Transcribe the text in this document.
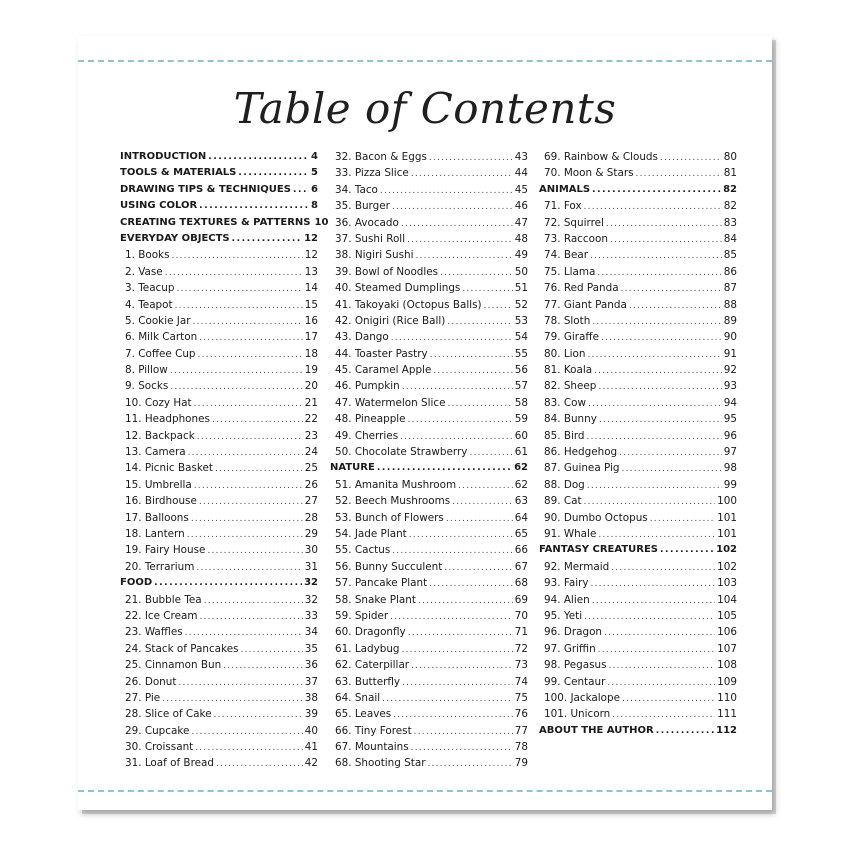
Table of Contents
INTRODUCTION .....	4
TOOLS & MATERIALS .....	5
DRAWING TIPS & TECHNIQUES ..... 6
USING COLOR .....	8
CREATING TEXTURES & PATTERNS 10
EVERYDAY OBJECTS .....	12
1. Books .....	12
2. Vase .....	13
3. Teacup .....	14
4. Teapot .....	15
5. Cookie Jar .....	16
6. Milk Carton .....	17
7. Coffee Cup .....	18
8. Pillow .....	19
9. Socks .....	20
10. Cozy Hat .....	21
11. Headphones .....	22
12. Backpack .....	23
13. Camera .....	24
14. Picnic Basket .....	25
15. Umbrella .....	26
16. Birdhouse .....	27
17. Balloons .....	28
18. Lantern .....	29
19. Fairy House .....	30
20. Terrarium .....	31
FOOD .....	32
21. Bubble Tea .....	32
22. Ice Cream .....	33
23. Waffles .....	34
24. Stack of Pancakes .....	35
25. Cinnamon Bun .....	36
26. Donut .....	37
27. Pie .....	38
28. Slice of Cake .....	39
29. Cupcake .....	40
30. Croissant .....	41
31. Loaf of Bread .....	42
32. Bacon & Eggs .....	43
33. Pizza Slice .....	44
34. Taco .....	45
35. Burger .....	46
36. Avocado .....	47
37. Sushi Roll .....	48
38. Nigiri Sushi .....	49
39. Bowl of Noodles .....	50
40. Steamed Dumplings .....	51
41. Takoyaki (Octopus Balls) .....	52
42. Onigiri (Rice Ball) .....	53
43. Dango .....	54
44. Toaster Pastry .....	55
45. Caramel Apple .....	56
46. Pumpkin .....	57
47. Watermelon Slice .....	58
48. Pineapple .....	59
49. Cherries .....	60
50. Chocolate Strawberry .....	61
NATURE .....	62
51. Amanita Mushroom .....	62
52. Beech Mushrooms .....	63
53. Bunch of Flowers .....	64
54. Jade Plant .....	65
55. Cactus .....	66
56. Bunny Succulent .....	67
57. Pancake Plant .....	68
58. Snake Plant .....	69
59. Spider .....	70
60. Dragonfly .....	71
61. Ladybug .....	72
62. Caterpillar .....	73
63. Butterfly .....	74
64. Snail .....	75
65. Leaves .....	76
66. Tiny Forest .....	77
67. Mountains .....	78
68. Shooting Star .....	79
69. Rainbow & Clouds .....	80
70. Moon & Stars .....	81
ANIMALS .....	82
71. Fox .....	82
72. Squirrel .....	83
73. Raccoon .....	84
74. Bear .....	85
75. Llama .....	86
76. Red Panda .....	87
77. Giant Panda .....	88
78. Sloth .....	89
79. Giraffe .....	90
80. Lion .....	91
81. Koala .....	92
82. Sheep .....	93
83. Cow .....	94
84. Bunny .....	95
85. Bird .....	96
86. Hedgehog .....	97
87. Guinea Pig .....	98
88. Dog .....	99
89. Cat .....	100
90. Dumbo Octopus .....	101
91. Whale .....	101
FANTASY CREATURES .....	102
92. Mermaid .....	102
93. Fairy .....	103
94. Alien .....	104
95. Yeti .....	105
96. Dragon .....	106
97. Griffin .....	107
98. Pegasus .....	108
99. Centaur .....	109
100. Jackalope .....	110
101. Unicorn .....	111
ABOUT THE AUTHOR .....	112
